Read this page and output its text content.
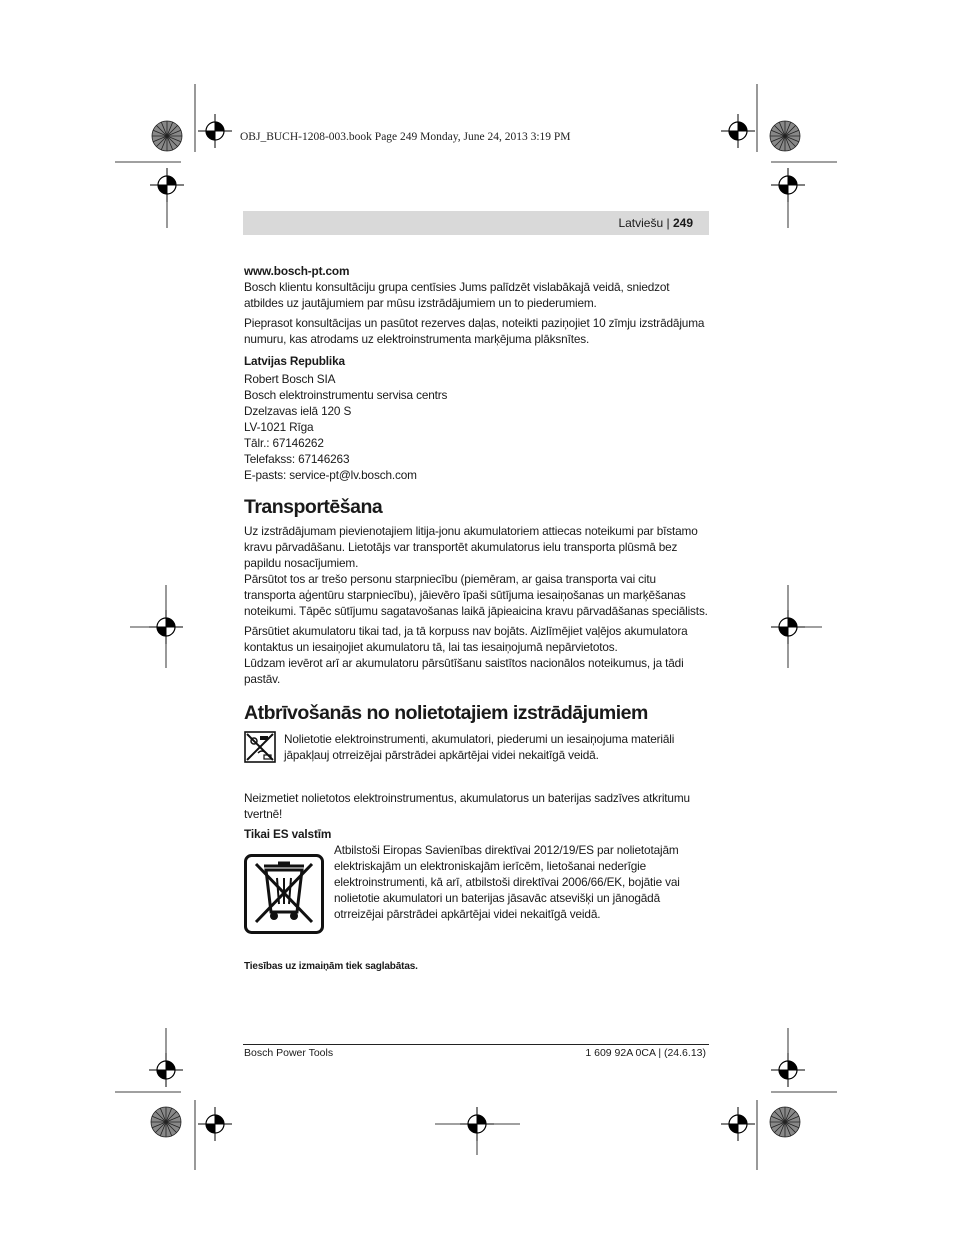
OBJ_BUCH-1208-003.book Page 249 Monday, June 24, 2013 3:19 PM
Latviešu | 249

www.bosch-pt.com

Bosch klientu konsultāciju grupa centīsies Jums palīdzēt vislabākajā veidā, sniedzot atbildes uz jautājumiem par mūsu izstrādājumiem un to piederumiem.

Pieprasot konsultācijas un pasūtot rezerves daļas, noteikti paziņojiet 10 zīmju izstrādājuma numuru, kas atrodams uz elektroinstrumenta marķējuma plāksnītes.

Latvijas Republika

Robert Bosch SIA

Bosch elektroinstrumentu servisa centrs

Dzelzavas ielā 120 S

LV-1021 Rīga

Tālr.: 67146262

Telefakss: 67146263

E-pasts: service-pt@lv.bosch.com

Transportēšana

Uz izstrādājumam pievienotajiem litija-jonu akumulatoriem attiecas noteikumi par bīstamo kravu pārvadāšanu. Lietotājs var transportēt akumulatorus ielu transporta plūsmā bez papildu nosacījumiem.

Pārsūtot tos ar trešo personu starpniecību (piemēram, ar gaisa transporta vai citu transporta aģentūru starpniecību), jāievēro īpaši sūtījuma iesaiņošanas un marķēšanas noteikumi. Tāpēc sūtījumu sagatavošanas laikā jāpieaicina kravu pārvadāšanas speciālists.

Pārsūtiet akumulatoru tikai tad, ja tā korpuss nav bojāts. Aizlīmējiet vaļējos akumulatora kontaktus un iesaiņojiet akumulatoru tā, lai tas iesaiņojumā nepārvietotos.

Lūdzam ievērot arī ar akumulatoru pārsūtīšanu saistītos nacionālos noteikumus, ja tādi pastāv.

Atbrīvošanās no nolietotajiem izstrādājumiem

Nolietotie elektroinstrumenti, akumulatori, piederumi un iesaiņojuma materiāli jāpakļauj otrreizējai pārstrādei apkārtējai videi nekaitīgā veidā.

Neizmetiet nolietotos elektroinstrumentus, akumulatorus un baterijas sadzīves atkritumu tvertnē!

Tikai ES valstīm

Atbilstoši Eiropas Savienības direktīvai 2012/19/ES par nolietotajām elektriskajām un elektroniskajām ierīcēm, lietošanai nederīgie elektroinstrumenti, kā arī, atbilstoši direktīvai 2006/66/EK, bojātie vai nolietotie akumulatori un baterijas jāsavāc atsevišķi un jānogādā otrreizējai pārstrādei apkārtējai videi nekaitīgā veidā.

Tiesības uz izmaiņām tiek saglabātas.

Bosch Power Tools	1 609 92A 0CA | (24.6.13)
